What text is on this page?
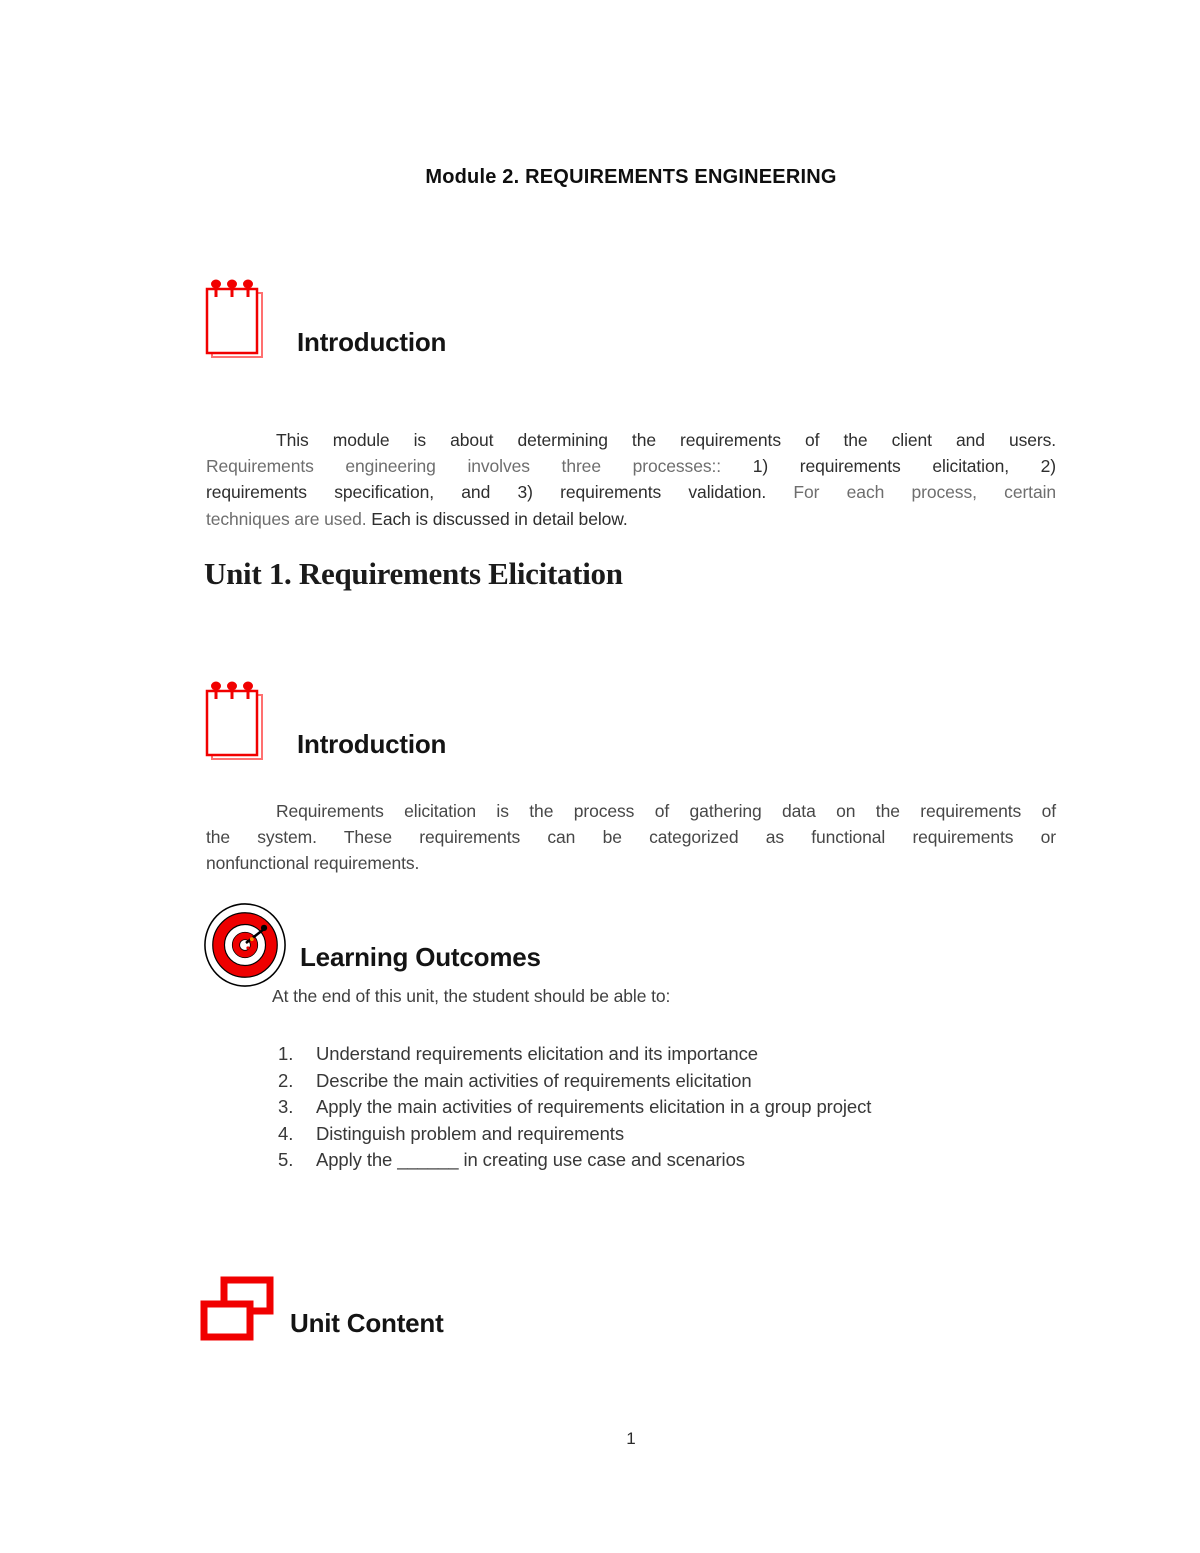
Module 2. REQUIREMENTS ENGINEERING
Introduction
This module is about determining the requirements of the client and users.
Requirements engineering involves three processes:: 1) requirements elicitation, 2)
requirements specification, and 3) requirements validation. For each process, certain
techniques are used. Each is discussed in detail below.
Unit 1. Requirements Elicitation
Introduction
Requirements elicitation is the process of gathering data on the requirements of
the system. These requirements can be categorized as functional requirements or
nonfunctional requirements.
Learning Outcomes
At the end of this unit, the student should be able to:
1. Understand requirements elicitation and its importance
2. Describe the main activities of requirements elicitation
3. Apply the main activities of requirements elicitation in a group project
4. Distinguish problem and requirements
5. Apply the ______ in creating use case and scenarios
Unit Content
1
